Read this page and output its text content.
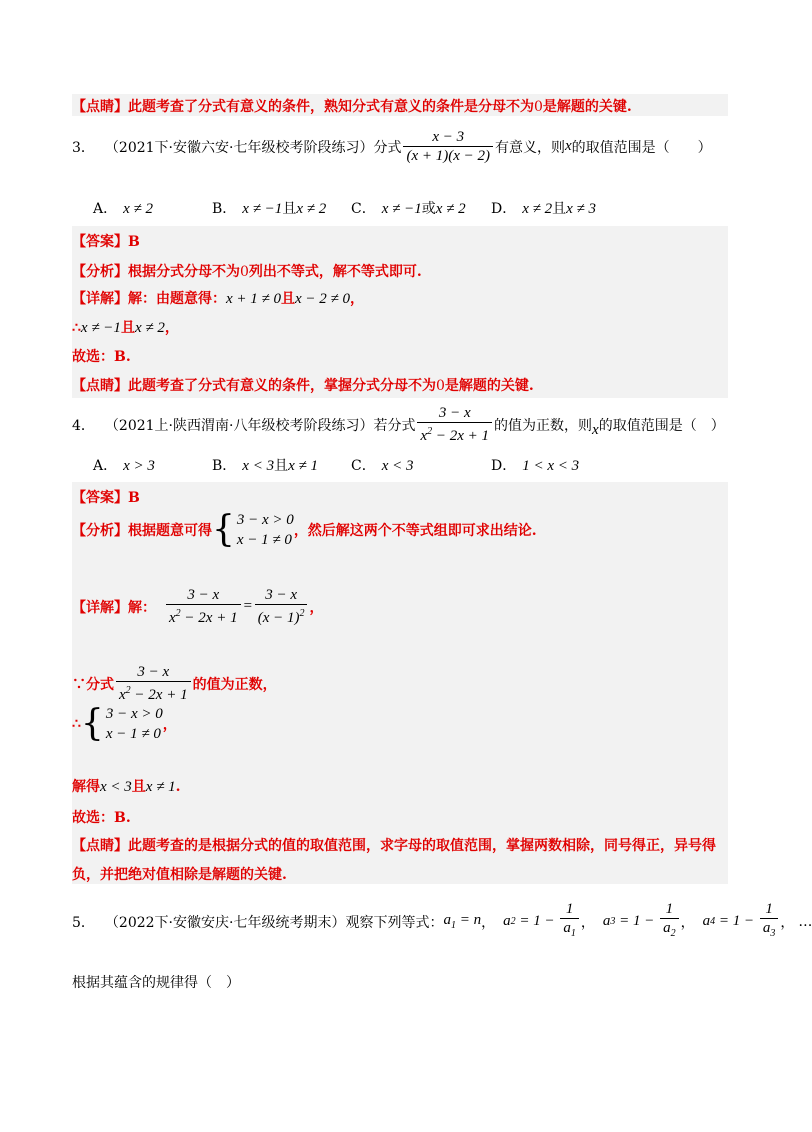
【点睛】此题考查了分式有意义的条件，熟知分式有意义的条件是分母不为0是解题的关键.
3． （2021下·安徽六安·七年级校考阶段练习）分式 $\frac{x - 3}{(x + 1)(x - 2)}$ 有意义，则 x 的取值范围是（　　）
A． x ≠ 2	B． x ≠ −1且x ≠ 2 C． x ≠ −1或x ≠ 2 D． x ≠ 2且x ≠ 3
【答案】B
【分析】根据分式分母不为0列出不等式，解不等式即可.
【详解】解：由题意得：x + 1 ≠ 0且x − 2 ≠ 0，
∴x ≠ −1且x ≠ 2，
故选：B.
【点睛】此题考查了分式有意义的条件，掌握分式分母不为0是解题的关键.
4． （2021上·陕西渭南·八年级校考阶段练习）若分式 $\frac{3 - x}{x^2 - 2x + 1}$ 的值为正数，则 x 的取值范围是（　）
A． x > 3	B． x < 3且x ≠ 1 C． x < 3	D． 1 < x < 3
【答案】B
【分析】 根据题意可得 { 3 − x > 0
x − 1 ≠ 0
，然后解这两个不等式组即可求出结论.
【详解】 解： $\frac{3 - x}{x^2 - 2x + 1} = \frac{3 - x}{(x - 1)^2}$ ，
∵分式 $\frac{3 - x}{x^2 - 2x + 1}$ 的值为正数，
∴ { 3 − x > 0
x − 1 ≠ 0
，
解得x < 3且x ≠ 1.
故选：B.
【点睛】此题考查的是根据分式的值的取值范围，求字母的取值范围，掌握两数相除，同号得正，异号得
负，并把绝对值相除是解题的关键.
5． （2022下·安徽安庆·七年级统考期末）观察下列等式： $a_1 = n$ ， a $2 = 1 - \frac{1}{a_1}$ ， a $3 = 1 - \frac{1}{a_2}$ ， a $4 = 1 - \frac{1}{a_3}$ ， …
根据其蕴含的规律得（　）
